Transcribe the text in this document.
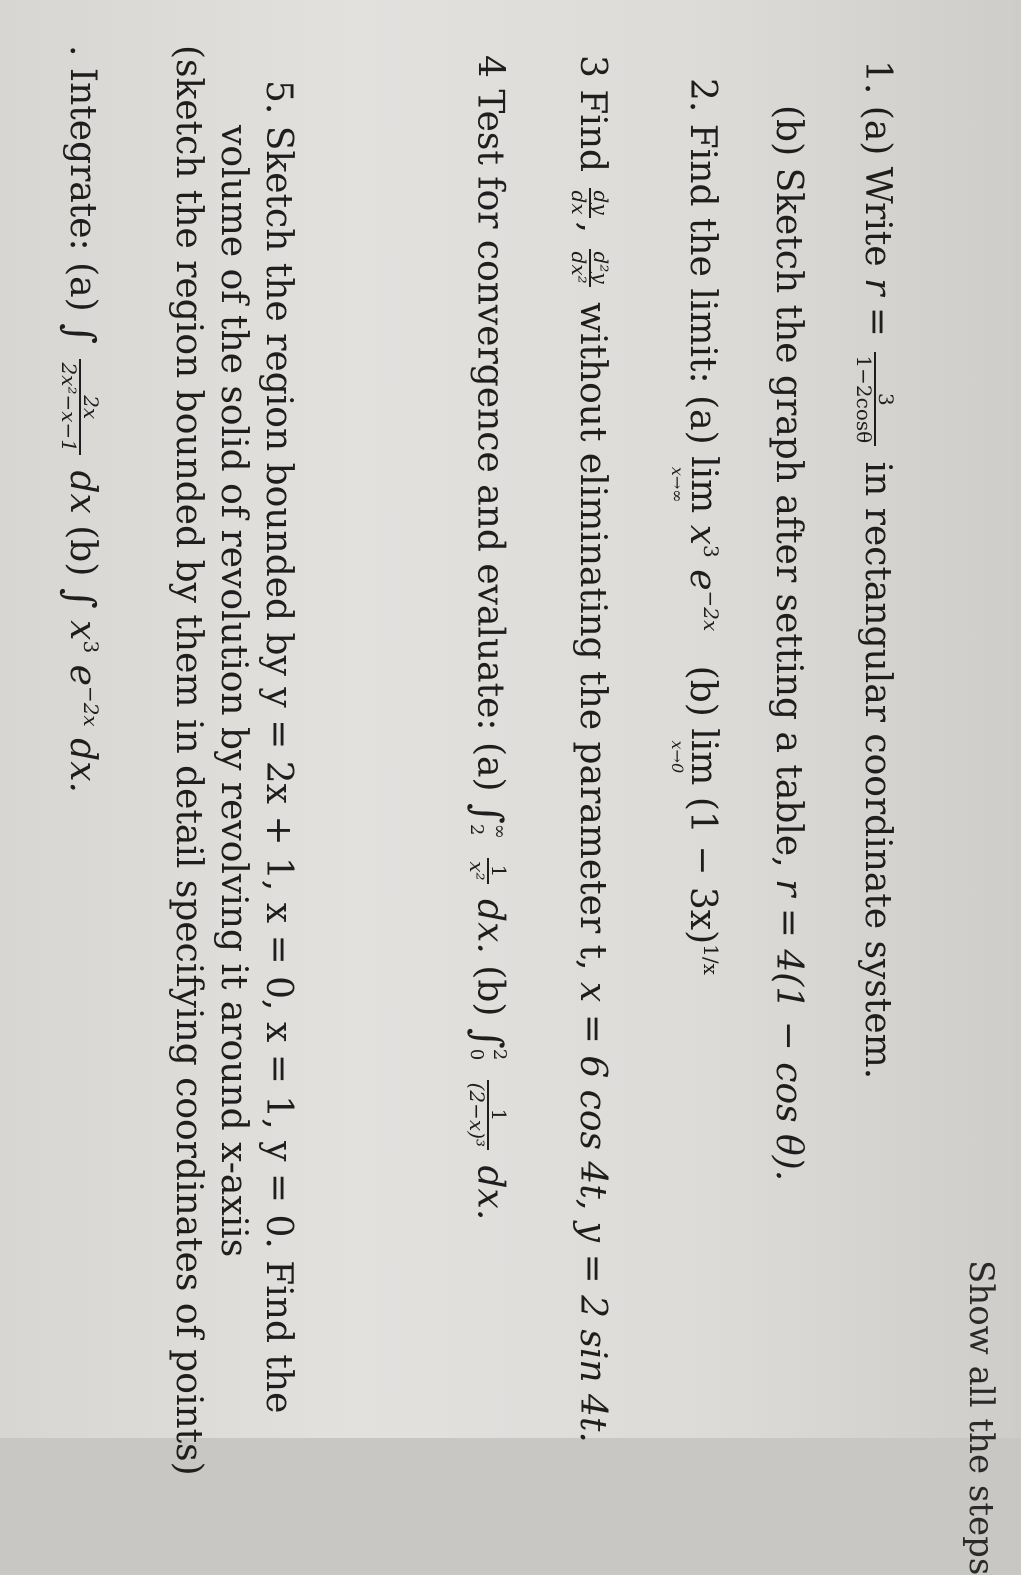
Show all the steps
1. (a) Write r =
3
1−2cosθ
in rectangular coordinate system.
(b) Sketch the graph after setting a table, r = 4(1 − cos θ).
2. Find the limit: (a)
lim
x→∞
$x^3$ $e^{-2x}$   (b)
lim
x→0
$(1 - 3x)^{1/x}$
3 Find
dy
dx
,
d²y
dx²
without eliminating the parameter t, x = 6 cos 4t, y = 2 sin 4t.
4 Test for convergence and evaluate: (a) ∫
∞
2

1
x²
dx. (b) ∫
2
0

1
(2−x)³
dx.
5. Sketch the region bounded by y = 2x + 1, x = 0, x = 1, y = 0. Find the
volume of the solid of revolution by revolving it around x-axiis
(sketch the region bounded by them in detail specifying coordinates of points)
. Integrate: (a) ∫
2x
2x²−x−1
dx (b) ∫ $x^3$ $e^{-2x}$ dx.
